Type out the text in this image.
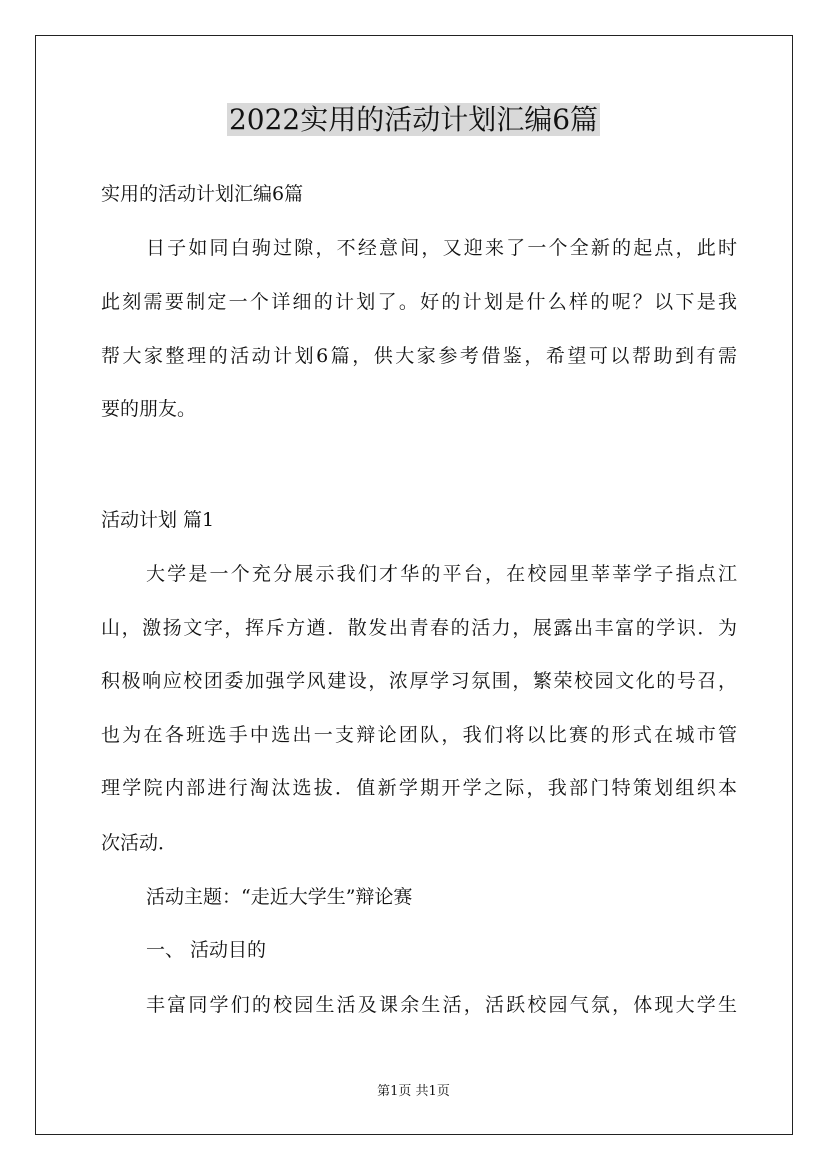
2022实用的活动计划汇编6篇
实用的活动计划汇编6篇
日子如同白驹过隙，不经意间，又迎来了一个全新的起点，此时
此刻需要制定一个详细的计划了。好的计划是什么样的呢？以下是我
帮大家整理的活动计划6篇，供大家参考借鉴，希望可以帮助到有需
要的朋友。
活动计划 篇1
大学是一个充分展示我们才华的平台，在校园里莘莘学子指点江
山，激扬文字，挥斥方遒．散发出青春的活力，展露出丰富的学识．为
积极响应校团委加强学风建设，浓厚学习氛围，繁荣校园文化的号召，
也为在各班选手中选出一支辩论团队，我们将以比赛的形式在城市管
理学院内部进行淘汰选拔．值新学期开学之际，我部门特策划组织本
次活动．
活动主题：“走近大学生”辩论赛
一、 活动目的
丰富同学们的校园生活及课余生活，活跃校园气氛，体现大学生
第1页 共1页
